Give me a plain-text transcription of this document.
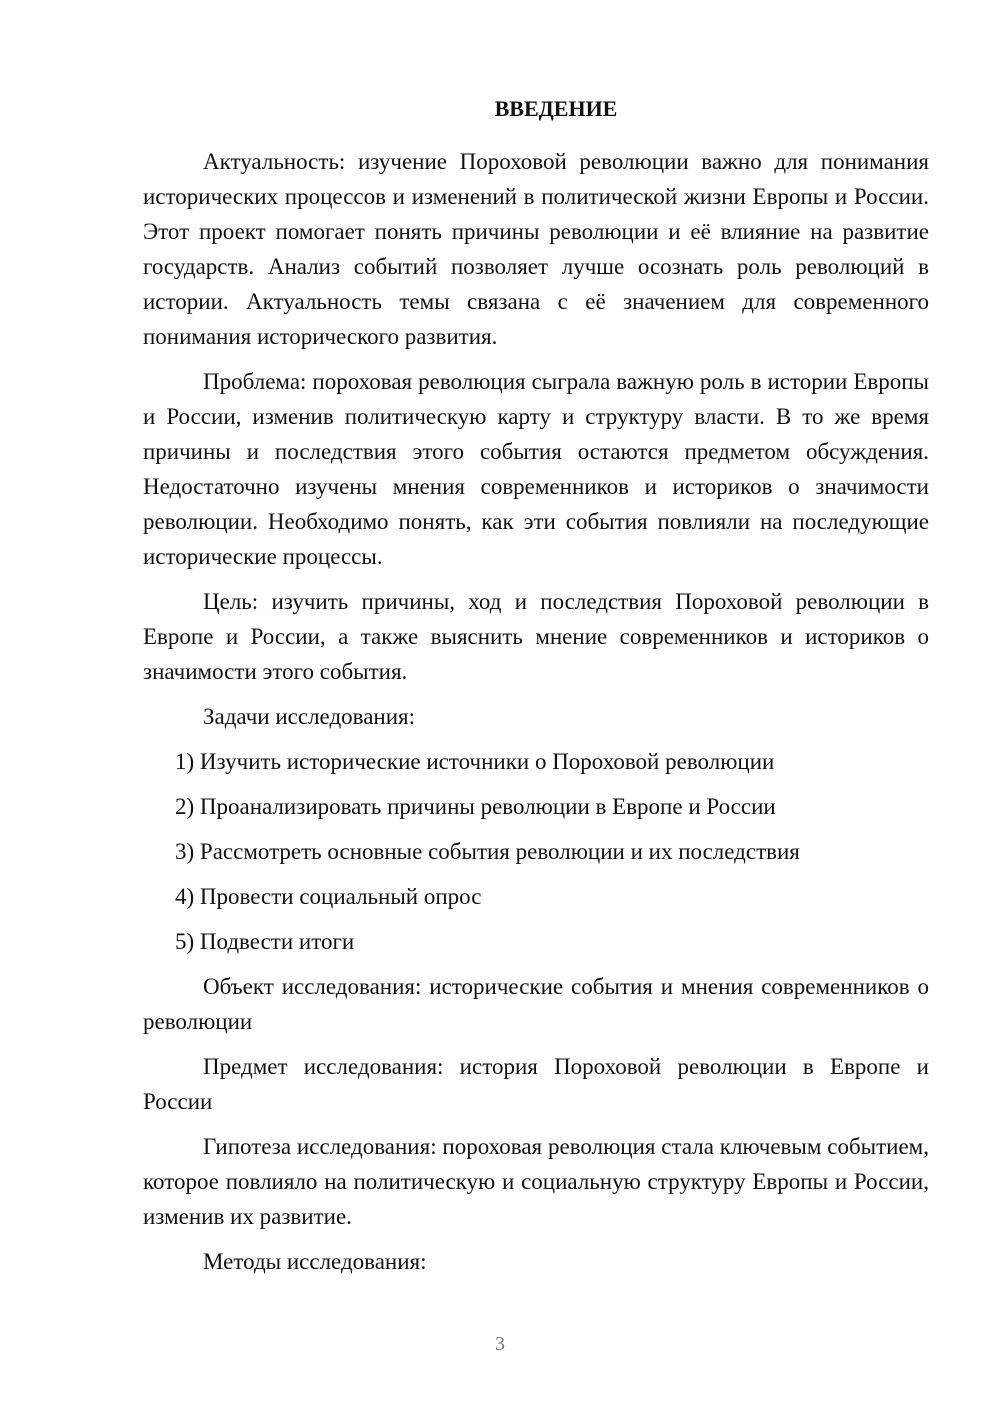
ВВЕДЕНИЕ

Актуальность: изучение Пороховой революции важно для понимания исторических процессов и изменений в политической жизни Европы и России. Этот проект помогает понять причины революции и её влияние на развитие государств. Анализ событий позволяет лучше осознать роль революций в истории. Актуальность темы связана с её значением для современного понимания исторического развития.

Проблема: пороховая революция сыграла важную роль в истории Европы и России, изменив политическую карту и структуру власти. В то же время причины и последствия этого события остаются предметом обсуждения. Недостаточно изучены мнения современников и историков о значимости революции. Необходимо понять, как эти события повлияли на последующие исторические процессы.

Цель: изучить причины, ход и последствия Пороховой революции в Европе и России, а также выяснить мнение современников и историков о значимости этого события.

Задачи исследования:

1) Изучить исторические источники о Пороховой революции
2) Проанализировать причины революции в Европе и России
3) Рассмотреть основные события революции и их последствия
4) Провести социальный опрос
5) Подвести итоги

Объект исследования: исторические события и мнения современников о революции

Предмет исследования: история Пороховой революции в Европе и России

Гипотеза исследования: пороховая революция стала ключевым событием, которое повлияло на политическую и социальную структуру Европы и России, изменив их развитие.

Методы исследования:

3
